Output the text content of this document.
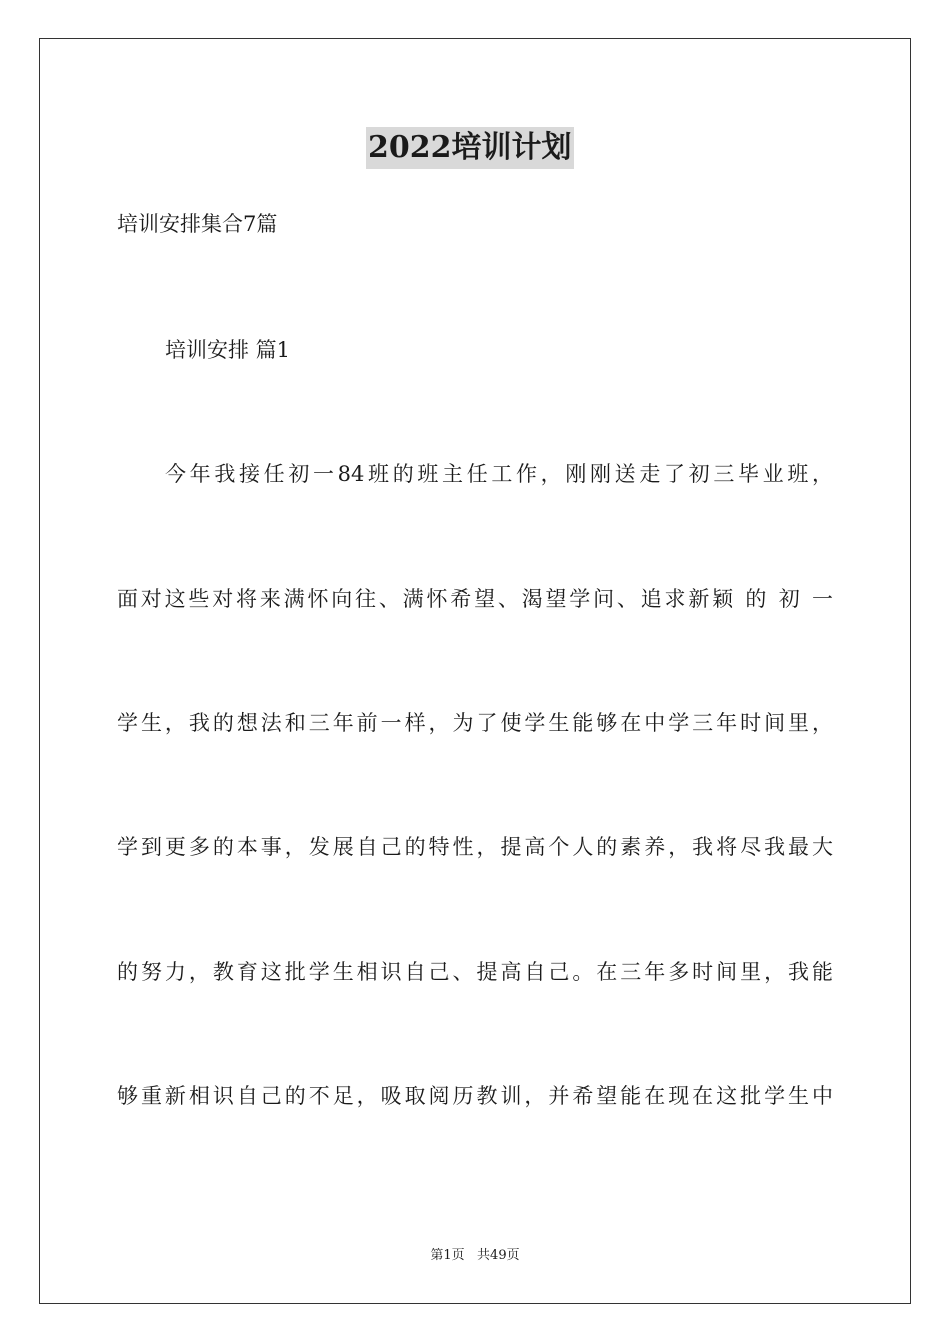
2022培训计划
培训安排集合7篇
培训安排 篇1
今年我接任初一84班的班主任工作，刚刚送走了初三毕业班，
面对这些对将来满怀向往、满怀希望、渴望学问、追求新颖 的 初 一
学生，我的想法和三年前一样，为了使学生能够在中学三年时间里，
学到更多的本事，发展自己的特性，提高个人的素养，我将尽我最大
的努力，教育这批学生相识自己、提高自己。在三年多时间里，我能
够重新相识自己的不足，吸取阅历教训，并希望能在现在这批学生中
第1页   共49页
